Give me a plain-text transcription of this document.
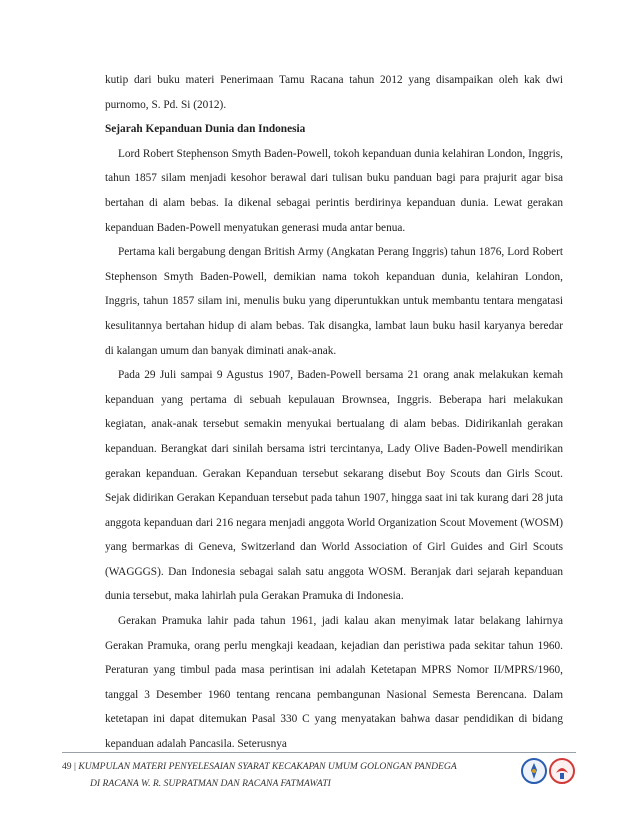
kutip dari buku materi Penerimaan Tamu Racana tahun 2012 yang disampaikan oleh kak dwi purnomo, S. Pd. Si (2012).

Sejarah Kepanduan Dunia dan Indonesia

Lord Robert Stephenson Smyth Baden-Powell, tokoh kepanduan dunia kelahiran London, Inggris, tahun 1857 silam menjadi kesohor berawal dari tulisan buku panduan bagi para prajurit agar bisa bertahan di alam bebas. Ia dikenal sebagai perintis berdirinya kepanduan dunia. Lewat gerakan kepanduan Baden-Powell menyatukan generasi muda antar benua.

Pertama kali bergabung dengan British Army (Angkatan Perang Inggris) tahun 1876, Lord Robert Stephenson Smyth Baden-Powell, demikian nama tokoh kepanduan dunia, kelahiran London, Inggris, tahun 1857 silam ini, menulis buku yang diperuntukkan untuk membantu tentara mengatasi kesulitannya bertahan hidup di alam bebas. Tak disangka, lambat laun buku hasil karyanya beredar di kalangan umum dan banyak diminati anak-anak.

Pada 29 Juli sampai 9 Agustus 1907, Baden-Powell bersama 21 orang anak melakukan kemah kepanduan yang pertama di sebuah kepulauan Brownsea, Inggris. Beberapa hari melakukan kegiatan, anak-anak tersebut semakin menyukai bertualang di alam bebas. Didirikanlah gerakan kepanduan. Berangkat dari sinilah bersama istri tercintanya, Lady Olive Baden-Powell mendirikan gerakan kepanduan. Gerakan Kepanduan tersebut sekarang disebut Boy Scouts dan Girls Scout. Sejak didirikan Gerakan Kepanduan tersebut pada tahun 1907, hingga saat ini tak kurang dari 28 juta anggota kepanduan dari 216 negara menjadi anggota World Organization Scout Movement (WOSM) yang bermarkas di Geneva, Switzerland dan World Association of Girl Guides and Girl Scouts (WAGGGS). Dan Indonesia sebagai salah satu anggota WOSM. Beranjak dari sejarah kepanduan dunia tersebut, maka lahirlah pula Gerakan Pramuka di Indonesia.

Gerakan Pramuka lahir pada tahun 1961, jadi kalau akan menyimak latar belakang lahirnya Gerakan Pramuka, orang perlu mengkaji keadaan, kejadian dan peristiwa pada sekitar tahun 1960. Peraturan yang timbul pada masa perintisan ini adalah Ketetapan MPRS Nomor II/MPRS/1960, tanggal 3 Desember 1960 tentang rencana pembangunan Nasional Semesta Berencana. Dalam ketetapan ini dapat ditemukan Pasal 330 C yang menyatakan bahwa dasar pendidikan di bidang kepanduan adalah Pancasila. Seterusnya

49 | KUMPULAN MATERI PENYELESAIAN SYARAT KECAKAPAN UMUM GOLONGAN PANDEGA
DI RACANA W. R. SUPRATMAN DAN RACANA FATMAWATI
